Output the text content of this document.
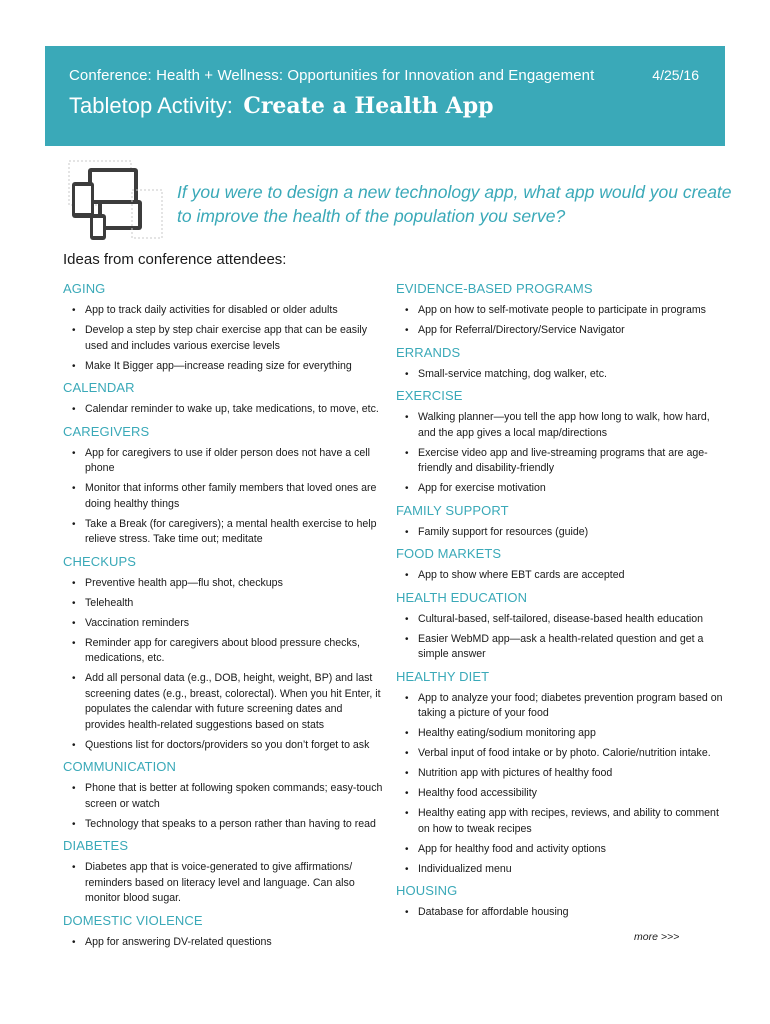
Conference: Health + Wellness: Opportunities for Innovation and Engagement	4/25/16
Tabletop Activity: Create a Health App
If you were to design a new technology app, what app would you create to improve the health of the population you serve?
Ideas from conference attendees:
AGING
• App to track daily activities for disabled or older adults
• Develop a step by step chair exercise app that can be easily used and includes various exercise levels
• Make It Bigger app—increase reading size for everything
CALENDAR
• Calendar reminder to wake up, take medications, to move, etc.
CAREGIVERS
• App for caregivers to use if older person does not have a cell phone
• Monitor that informs other family members that loved ones are doing healthy things
• Take a Break (for caregivers); a mental health exercise to help relieve stress. Take time out; meditate
CHECKUPS
• Preventive health app—flu shot, checkups
• Telehealth
• Vaccination reminders
• Reminder app for caregivers about blood pressure checks, medications, etc.
• Add all personal data (e.g., DOB, height, weight, BP) and last screening dates (e.g., breast, colorectal). When you hit Enter, it populates the calendar with future screening dates and provides health-related suggestions based on stats
• Questions list for doctors/providers so you don’t forget to ask
COMMUNICATION
• Phone that is better at following spoken commands; easy-touch screen or watch
• Technology that speaks to a person rather than having to read
DIABETES
• Diabetes app that is voice-generated to give affirmations/ reminders based on literacy level and language. Can also monitor blood sugar.
DOMESTIC VIOLENCE
• App for answering DV-related questions
EVIDENCE-BASED PROGRAMS
• App on how to self-motivate people to participate in programs
• App for Referral/Directory/Service Navigator
ERRANDS
• Small-service matching, dog walker, etc.
EXERCISE
• Walking planner—you tell the app how long to walk, how hard, and the app gives a local map/directions
• Exercise video app and live-streaming programs that are age-friendly and disability-friendly
• App for exercise motivation
FAMILY SUPPORT
• Family support for resources (guide)
FOOD MARKETS
• App to show where EBT cards are accepted
HEALTH EDUCATION
• Cultural-based, self-tailored, disease-based health education
• Easier WebMD app—ask a health-related question and get a simple answer
HEALTHY DIET
• App to analyze your food; diabetes prevention program based on taking a picture of your food
• Healthy eating/sodium monitoring app
• Verbal input of food intake or by photo. Calorie/nutrition intake.
• Nutrition app with pictures of healthy food
• Healthy food accessibility
• Healthy eating app with recipes, reviews, and ability to comment on how to tweak recipes
• App for healthy food and activity options
• Individualized menu
HOUSING
• Database for affordable housing
more >>>
